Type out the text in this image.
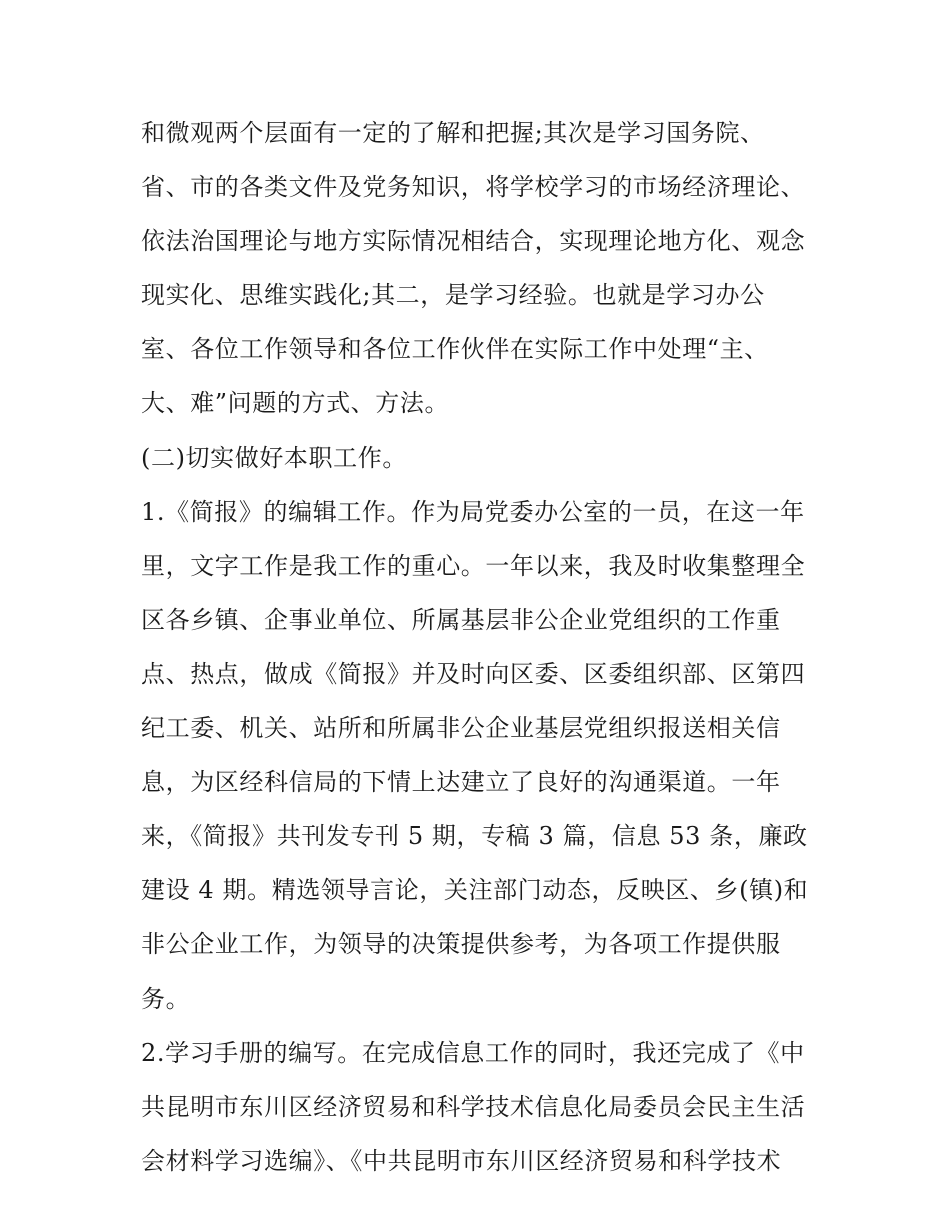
和微观两个层面有一定的了解和把握;其次是学习国务院、
省、市的各类文件及党务知识，将学校学习的市场经济理论、
依法治国理论与地方实际情况相结合，实现理论地方化、观念
现实化、思维实践化;其二，是学习经验。也就是学习办公
室、各位工作领导和各位工作伙伴在实际工作中处理“主、
大、难”问题的方式、方法。
(二)切实做好本职工作。
1.《简报》的编辑工作。作为局党委办公室的一员，在这一年
里，文字工作是我工作的重心。一年以来，我及时收集整理全
区各乡镇、企事业单位、所属基层非公企业党组织的工作重
点、热点，做成《简报》并及时向区委、区委组织部、区第四
纪工委、机关、站所和所属非公企业基层党组织报送相关信
息，为区经科信局的下情上达建立了良好的沟通渠道。一年
来，《简报》共刊发专刊 5 期，专稿 3 篇，信息 53 条，廉政
建设 4 期。精选领导言论，关注部门动态，反映区、乡(镇)和
非公企业工作，为领导的决策提供参考，为各项工作提供服
务。
2.学习手册的编写。在完成信息工作的同时，我还完成了《中
共昆明市东川区经济贸易和科学技术信息化局委员会民主生活
会材料学习选编》、《中共昆明市东川区经济贸易和科学技术
